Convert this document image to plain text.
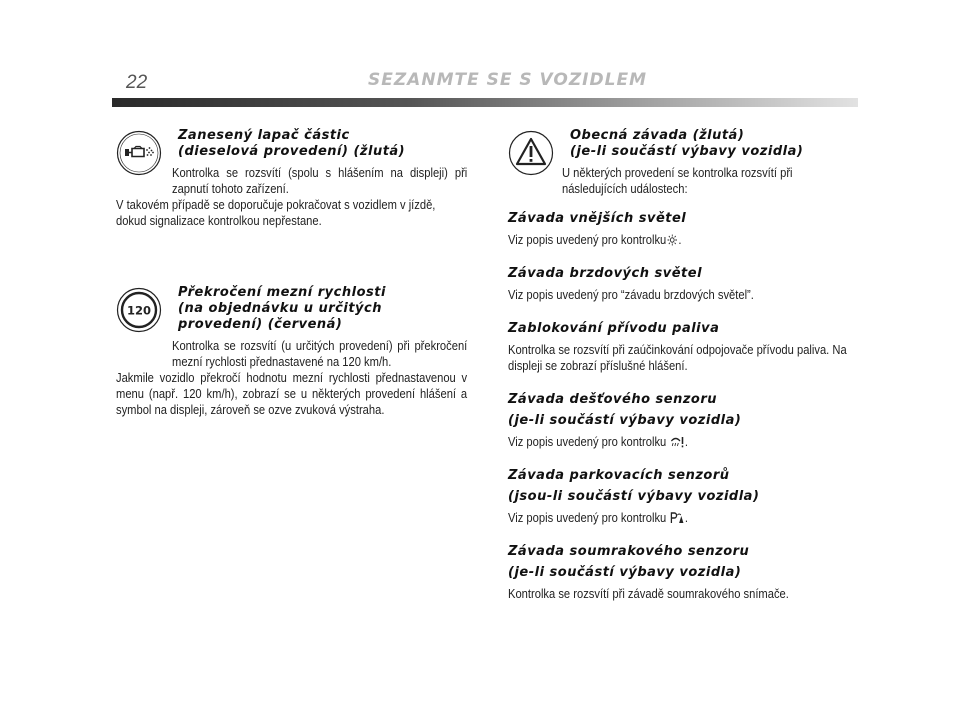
22	SEZANMTE SE S VOZIDLEM

Zanesený lapač částic

(dieselová provedení) (žlutá)

Kontrolka se rozsvítí (spolu s hlášením na displeji) při zapnutí tohoto zařízení.

V takovém případě se doporučuje pokračovat s vozidlem v jízdě, dokud signalizace kontrolkou nepřestane.

120

Překročení mezní rychlosti

(na objednávku u určitých

provedení) (červená)

Kontrolka se rozsvítí (u určitých provedení) při překročení mezní rychlosti přednastavené na 120 km/h.

Jakmile vozidlo překročí hodnotu mezní rychlosti přednastavenou v menu (např. 120 km/h), zobrazí se u některých provedení hlášení a symbol na displeji, zároveň se ozve zvuková výstraha.

Obecná závada (žlutá)

(je-li součástí výbavy vozidla)

U některých provedení se kontrolka rozsvítí při následujících událostech:

Závada vnějších světel

Viz popis uvedený pro kontrolku .

Závada brzdových světel

Viz popis uvedený pro “závadu brzdových světel”.

Zablokování přívodu paliva

Kontrolka se rozsvítí při zaúčinkování odpojovače přívodu paliva. Na displeji se zobrazí příslušné hlášení.

Závada dešťového senzoru

(je-li součástí výbavy vozidla)

Viz popis uvedený pro kontrolku .

Závada parkovacích senzorů

(jsou-li součástí výbavy vozidla)

Viz popis uvedený pro kontrolku .

Závada soumrakového senzoru

(je-li součástí výbavy vozidla)

Kontrolka se rozsvítí při závadě soumrakového snímače.
